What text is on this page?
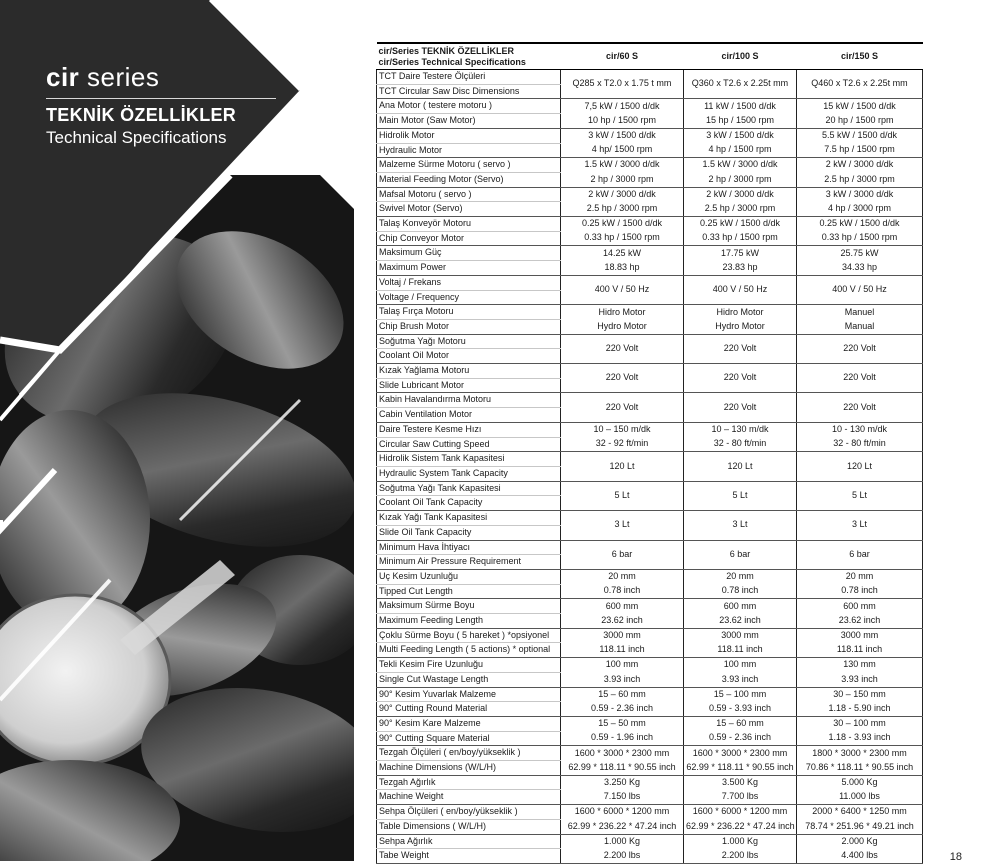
cir series
TEKNİK ÖZELLİKLER
Technical Specifications
cir/Series TEKNİK ÖZELLİKLER
cir/Series Technical Specifications	cir/60 S	cir/100 S	cir/150 S
TCT Daire Testere Ölçüleri	Q285 x T2.0 x 1.75 t mm	Q360 x T2.6 x 2.25t mm	Q460 x T2.6 x 2.25t mm
TCT Circular Saw Disc Dimensions			
Ana Motor ( testere motoru )	7,5 kW / 1500 d/dk	11 kW / 1500 d/dk	15 kW / 1500 d/dk
Main Motor (Saw Motor)	10 hp / 1500 rpm	15 hp / 1500 rpm	20 hp / 1500 rpm
Hidrolik Motor	3 kW / 1500 d/dk	3 kW / 1500 d/dk	5.5 kW / 1500 d/dk
Hydraulic Motor	4 hp/ 1500 rpm	4 hp / 1500 rpm	7.5 hp / 1500 rpm
Malzeme Sürme Motoru ( servo )	1.5 kW / 3000 d/dk	1.5 kW / 3000 d/dk	2 kW / 3000 d/dk
Material Feeding Motor (Servo)	2 hp / 3000 rpm	2 hp / 3000 rpm	2.5 hp / 3000 rpm
Mafsal Motoru ( servo )	2 kW / 3000 d/dk	2 kW / 3000 d/dk	3 kW / 3000 d/dk
Swivel Motor (Servo)	2.5 hp / 3000 rpm	2.5 hp / 3000 rpm	4 hp / 3000 rpm
Talaş Konveyör Motoru	0.25 kW / 1500 d/dk	0.25 kW / 1500 d/dk	0.25 kW / 1500 d/dk
Chip Conveyor Motor	0.33 hp / 1500 rpm	0.33 hp / 1500 rpm	0.33 hp / 1500 rpm
Maksimum Güç	14.25 kW	17.75 kW	25.75 kW
Maximum Power	18.83 hp	23.83 hp	34.33 hp
Voltaj / Frekans	400 V / 50 Hz	400 V / 50 Hz	400 V / 50 Hz
Voltage / Frequency			
Talaş Fırça Motoru	Hidro Motor	Hidro Motor	Manuel
Chip Brush Motor	Hydro Motor	Hydro Motor	Manual
Soğutma Yağı Motoru	220 Volt	220 Volt	220 Volt
Coolant Oil Motor			
Kızak Yağlama Motoru	220 Volt	220 Volt	220 Volt
Slide Lubricant Motor			
Kabin Havalandırma Motoru	220 Volt	220 Volt	220 Volt
Cabin Ventilation Motor			
Daire Testere Kesme Hızı	10 – 150 m/dk	10 – 130 m/dk	10 - 130 m/dk
Circular Saw Cutting Speed	32 - 92 ft/min	32 - 80 ft/min	32 - 80 ft/min
Hidrolik Sistem Tank Kapasitesi	120 Lt	120 Lt	120 Lt
Hydraulic System Tank Capacity			
Soğutma Yağı Tank Kapasitesi	5 Lt	5 Lt	5 Lt
Coolant Oil Tank Capacity			
Kızak Yağı Tank Kapasitesi	3 Lt	3 Lt	3 Lt
Slide Oil Tank Capacity			
Minimum Hava İhtiyacı	6 bar	6 bar	6 bar
Minimum Air Pressure Requirement			
Uç Kesim Uzunluğu	20 mm	20 mm	20 mm
Tipped Cut Length	0.78 inch	0.78 inch	0.78 inch
Maksimum Sürme Boyu	600 mm	600 mm	600 mm
Maximum Feeding Length	23.62 inch	23.62 inch	23.62 inch
Çoklu Sürme Boyu ( 5 hareket ) *opsiyonel	3000 mm	3000 mm	3000 mm
Multi Feeding Length ( 5 actions) * optional	118.11 inch	118.11 inch	118.11 inch
Tekli Kesim Fire Uzunluğu	100 mm	100 mm	130 mm
Single Cut Wastage Length	3.93 inch	3.93 inch	3.93 inch
90° Kesim Yuvarlak Malzeme	15 – 60 mm	15 – 100 mm	30 – 150 mm
90° Cutting Round Material	0.59 - 2.36 inch	0.59 - 3.93 inch	1.18 - 5.90 inch
90° Kesim Kare Malzeme	15 – 50 mm	15 – 60 mm	30 – 100 mm
90° Cutting Square Material	0.59 - 1.96 inch	0.59 - 2.36 inch	1.18 - 3.93 inch
Tezgah Ölçüleri ( en/boy/yükseklik )	1600 * 3000 * 2300 mm	1600 * 3000 * 2300 mm	1800 * 3000 * 2300 mm
Machine Dimensions (W/L/H)	62.99 * 118.11 * 90.55 inch	62.99 * 118.11 * 90.55 inch	70.86 * 118.11 * 90.55 inch
Tezgah Ağırlık	3.250 Kg	3.500 Kg	5.000 Kg
Machine Weight	7.150 lbs	7.700 lbs	11.000 lbs
Sehpa Ölçüleri ( en/boy/yükseklik )	1600 * 6000 * 1200 mm	1600 * 6000 * 1200 mm	2000 * 6400 * 1250 mm
Table Dimensions ( W/L/H)	62.99 * 236.22 * 47.24 inch	62.99 * 236.22 * 47.24 inch	78.74 * 251.96 * 49.21 inch
Sehpa Ağırlık	1.000 Kg	1.000 Kg	2.000 Kg
Tabe Weight	2.200 lbs	2.200 lbs	4.400 lbs	18
